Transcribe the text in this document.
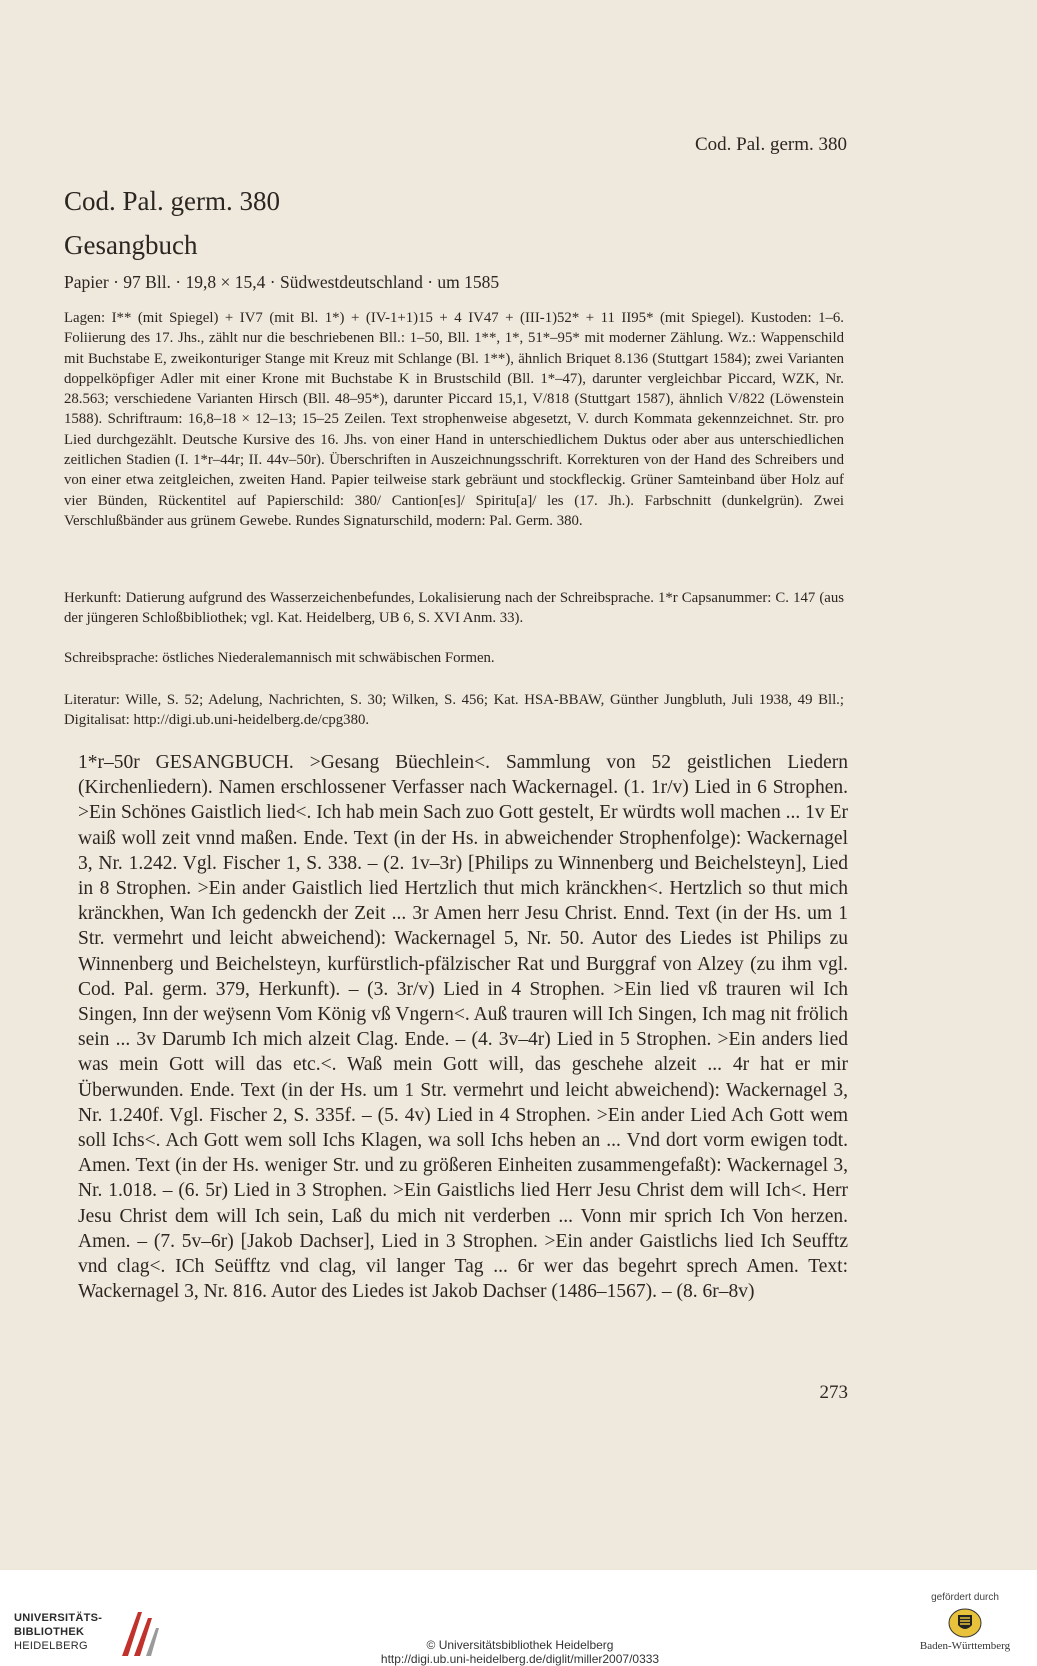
Cod. Pal. germ. 380
Cod. Pal. germ. 380
Gesangbuch
Papier · 97 Bll. · 19,8 × 15,4 · Südwestdeutschland · um 1585

Lagen: I** (mit Spiegel) + IV7 (mit Bl. 1*) + (IV-1+1)15 + 4 IV47 + (III-1)52* + 11 II95* (mit Spiegel). Kustoden: 1–6. Foliierung des 17. Jhs., zählt nur die beschriebenen Bll.: 1–50, Bll. 1**, 1*, 51*–95* mit moderner Zählung. Wz.: Wappenschild mit Buchstabe E, zweikonturiger Stange mit Kreuz mit Schlange (Bl. 1**), ähnlich Briquet 8.136 (Stuttgart 1584); zwei Varianten doppelköpfiger Adler mit einer Krone mit Buchstabe K in Brustschild (Bll. 1*–47), darunter vergleichbar Piccard, WZK, Nr. 28.563; verschiedene Varianten Hirsch (Bll. 48–95*), darunter Piccard 15,1, V/818 (Stuttgart 1587), ähnlich V/822 (Löwenstein 1588). Schriftraum: 16,8–18 × 12–13; 15–25 Zeilen. Text strophenweise abgesetzt, V. durch Kommata gekennzeichnet. Str. pro Lied durchgezählt. Deutsche Kursive des 16. Jhs. von einer Hand in unterschiedlichem Duktus oder aber aus unterschiedlichen zeitlichen Stadien (I. 1*r–44r; II. 44v–50r). Überschriften in Auszeichnungsschrift. Korrekturen von der Hand des Schreibers und von einer etwa zeitgleichen, zweiten Hand. Papier teilweise stark gebräunt und stockfleckig. Grüner Samteinband über Holz auf vier Bünden, Rückentitel auf Papierschild: 380/ Cantion[es]/ Spiritu[a]/ les (17. Jh.). Farbschnitt (dunkelgrün). Zwei Verschlußbänder aus grünem Gewebe. Rundes Signaturschild, modern: Pal. Germ. 380.

Herkunft: Datierung aufgrund des Wasserzeichenbefundes, Lokalisierung nach der Schreibsprache. 1*r Capsanummer: C. 147 (aus der jüngeren Schloßbibliothek; vgl. Kat. Heidelberg, UB 6, S. XVI Anm. 33).

Schreibsprache: östliches Niederalemannisch mit schwäbischen Formen.

Literatur: Wille, S. 52; Adelung, Nachrichten, S. 30; Wilken, S. 456; Kat. HSA-BBAW, Günther Jungbluth, Juli 1938, 49 Bll.; Digitalisat: http://digi.ub.uni-heidelberg.de/cpg380.

1*r–50r GESANGBUCH. >Gesang Büechlein<. Sammlung von 52 geistlichen Liedern (Kirchenliedern). Namen erschlossener Verfasser nach Wackernagel. (1. 1r/v) Lied in 6 Strophen. >Ein Schönes Gaistlich lied<. Ich hab mein Sach zuo Gott gestelt, Er würdts woll machen ... 1v Er waiß woll zeit vnnd maßen. Ende. Text (in der Hs. in abweichender Strophenfolge): Wackernagel 3, Nr. 1.242. Vgl. Fischer 1, S. 338. – (2. 1v–3r) [Philips zu Winnenberg und Beichelsteyn], Lied in 8 Strophen. >Ein ander Gaistlich lied Hertzlich thut mich kränckhen<. Hertzlich so thut mich kränckhen, Wan Ich gedenckh der Zeit ... 3r Amen herr Jesu Christ. Ennd. Text (in der Hs. um 1 Str. vermehrt und leicht abweichend): Wackernagel 5, Nr. 50. Autor des Liedes ist Philips zu Winnenberg und Beichelsteyn, kurfürstlich-pfälzischer Rat und Burggraf von Alzey (zu ihm vgl. Cod. Pal. germ. 379, Herkunft). – (3. 3r/v) Lied in 4 Strophen. >Ein lied vß trauren wil Ich Singen, Inn der weÿsenn Vom König vß Vngern<. Auß trauren will Ich Singen, Ich mag nit frölich sein ... 3v Darumb Ich mich alzeit Clag. Ende. – (4. 3v–4r) Lied in 5 Strophen. >Ein anders lied was mein Gott will das etc.<. Waß mein Gott will, das geschehe alzeit ... 4r hat er mir Überwunden. Ende. Text (in der Hs. um 1 Str. vermehrt und leicht abweichend): Wackernagel 3, Nr. 1.240f. Vgl. Fischer 2, S. 335f. – (5. 4v) Lied in 4 Strophen. >Ein ander Lied Ach Gott wem soll Ichs<. Ach Gott wem soll Ichs Klagen, wa soll Ichs heben an ... Vnd dort vorm ewigen todt. Amen. Text (in der Hs. weniger Str. und zu größeren Einheiten zusammengefaßt): Wackernagel 3, Nr. 1.018. – (6. 5r) Lied in 3 Strophen. >Ein Gaistlichs lied Herr Jesu Christ dem will Ich<. Herr Jesu Christ dem will Ich sein, Laß du mich nit verderben ... Vonn mir sprich Ich Von herzen. Amen. – (7. 5v–6r) [Jakob Dachser], Lied in 3 Strophen. >Ein ander Gaistlichs lied Ich Seufftz vnd clag<. ICh Seüfftz vnd clag, vil langer Tag ... 6r wer das begehrt sprech Amen. Text: Wackernagel 3, Nr. 816. Autor des Liedes ist Jakob Dachser (1486–1567). – (8. 6r–8v)

273
UNIVERSITÄTS-
BIBLIOTHEK
HEIDELBERG	© Universitätsbibliothek Heidelberg
http://digi.ub.uni-heidelberg.de/diglit/miller2007/0333
gefördert durch
Baden-Württemberg
